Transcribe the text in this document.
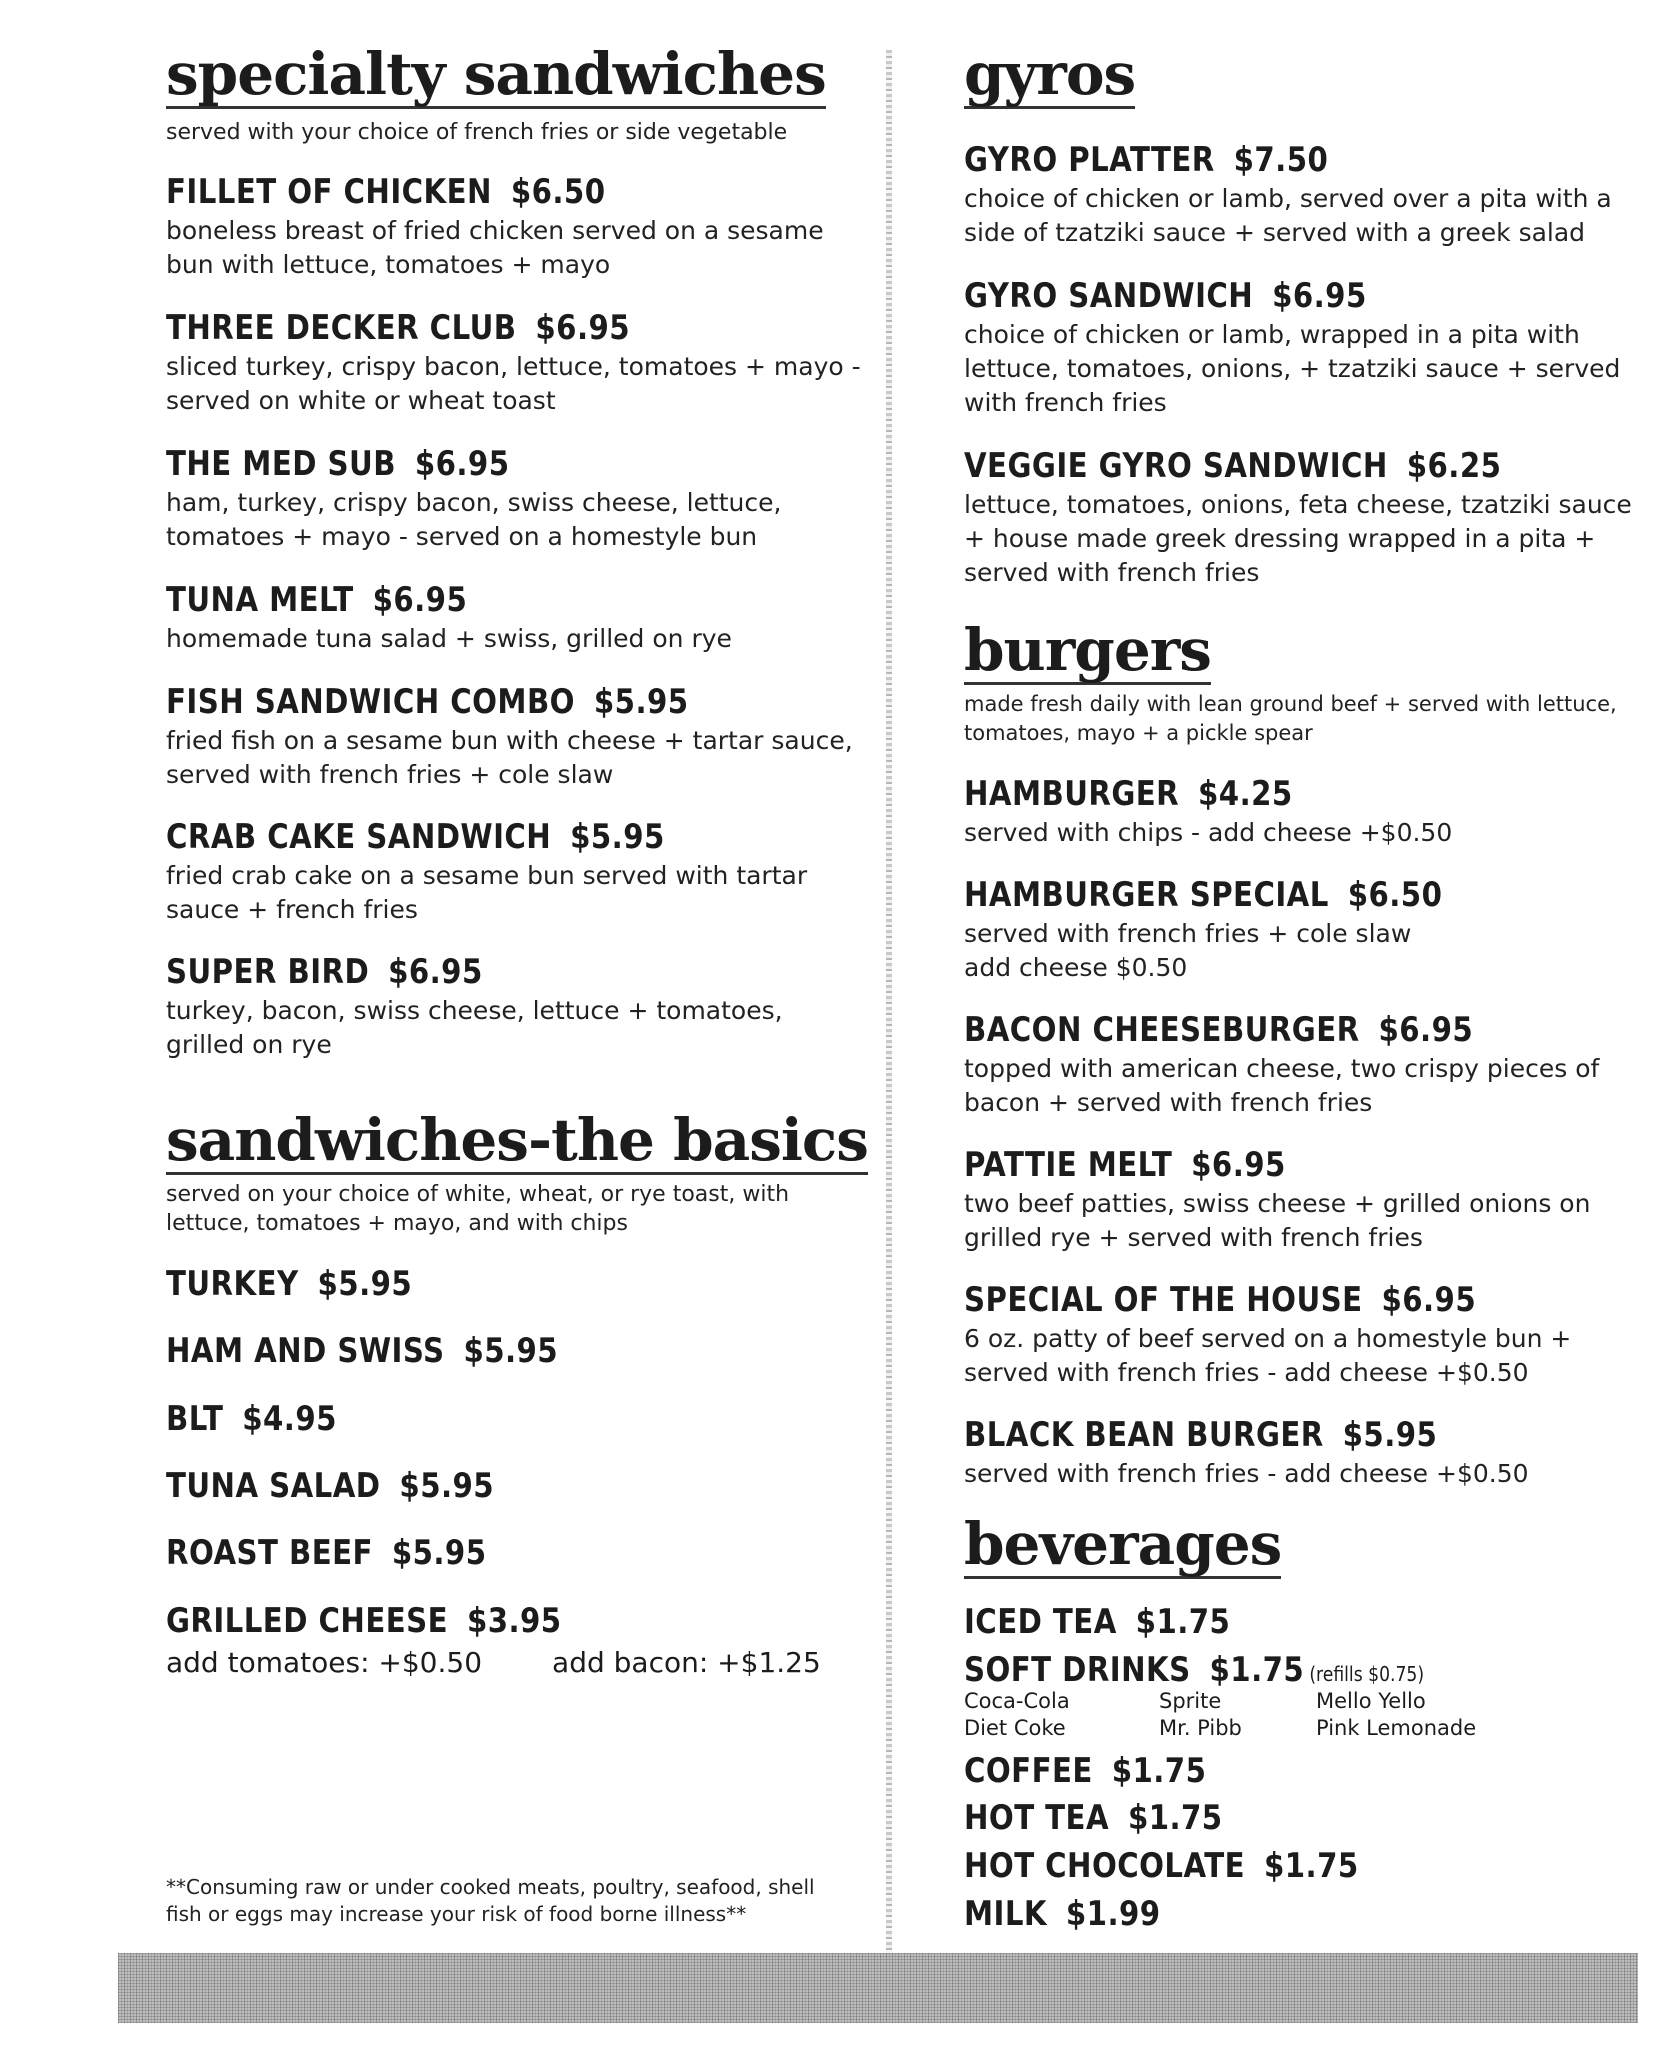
specialty sandwiches
served with your choice of french fries or side vegetable
FILLET OF CHICKEN $6.50
boneless breast of fried chicken served on a sesame bun with lettuce, tomatoes + mayo
THREE DECKER CLUB $6.95
sliced turkey, crispy bacon, lettuce, tomatoes + mayo - served on white or wheat toast
THE MED SUB $6.95
ham, turkey, crispy bacon, swiss cheese, lettuce, tomatoes + mayo - served on a homestyle bun
TUNA MELT $6.95
homemade tuna salad + swiss, grilled on rye
FISH SANDWICH COMBO $5.95
fried fish on a sesame bun with cheese + tartar sauce, served with french fries + cole slaw
CRAB CAKE SANDWICH $5.95
fried crab cake on a sesame bun served with tartar sauce + french fries
SUPER BIRD $6.95
turkey, bacon, swiss cheese, lettuce + tomatoes, grilled on rye
sandwiches-the basics
served on your choice of white, wheat, or rye toast, with lettuce, tomatoes + mayo, and with chips
TURKEY $5.95
HAM AND SWISS $5.95
BLT $4.95
TUNA SALAD $5.95
ROAST BEEF $5.95
GRILLED CHEESE $3.95
add tomatoes: +$0.50	add bacon: +$1.25
**Consuming raw or under cooked meats, poultry, seafood, shell fish or eggs may increase your risk of food borne illness**
gyros
GYRO PLATTER $7.50
choice of chicken or lamb, served over a pita with a side of tzatziki sauce + served with a greek salad
GYRO SANDWICH $6.95
choice of chicken or lamb, wrapped in a pita with lettuce, tomatoes, onions, + tzatziki sauce + served with french fries
VEGGIE GYRO SANDWICH $6.25
lettuce, tomatoes, onions, feta cheese, tzatziki sauce + house made greek dressing wrapped in a pita + served with french fries
burgers
made fresh daily with lean ground beef + served with lettuce, tomatoes, mayo + a pickle spear
HAMBURGER $4.25
served with chips - add cheese +$0.50
HAMBURGER SPECIAL $6.50
served with french fries + cole slaw add cheese $0.50
BACON CHEESEBURGER $6.95
topped with american cheese, two crispy pieces of bacon + served with french fries
PATTIE MELT $6.95
two beef patties, swiss cheese + grilled onions on grilled rye + served with french fries
SPECIAL OF THE HOUSE $6.95
6 oz. patty of beef served on a homestyle bun + served with french fries - add cheese +$0.50
BLACK BEAN BURGER $5.95
served with french fries - add cheese +$0.50
beverages
ICED TEA $1.75
SOFT DRINKS $1.75 (refills $0.75)
Coca-Cola	Sprite	Mello Yello
Diet Coke	Mr. Pibb	Pink Lemonade
COFFEE $1.75
HOT TEA $1.75
HOT CHOCOLATE $1.75
MILK $1.99
